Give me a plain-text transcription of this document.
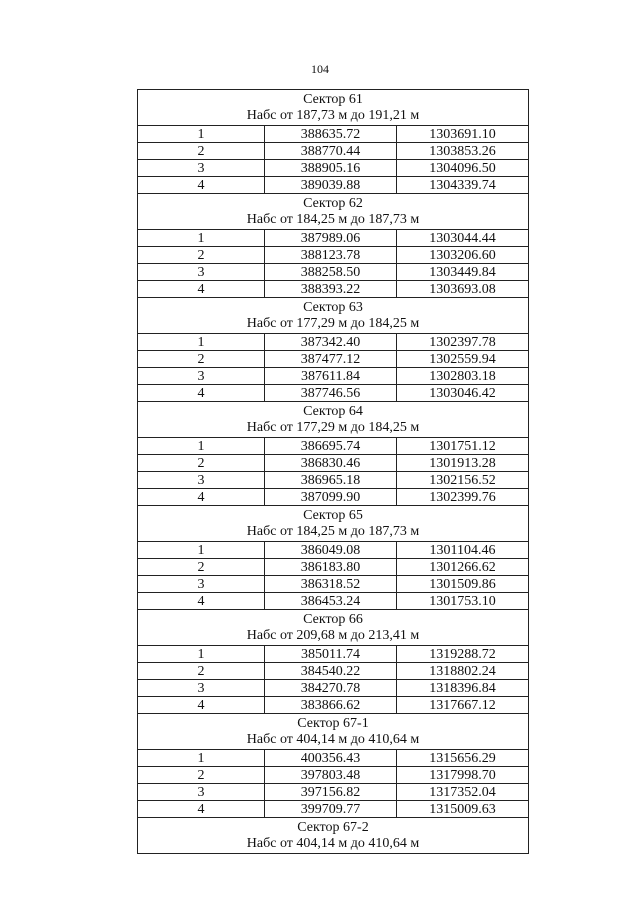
104
Сектор 61
Набс от 187,73 м до 191,21 м		

1	388635.72	1303691.10
2	388770.44	1303853.26
3	388905.16	1304096.50
4	389039.88	1304339.74

Сектор 62
Набс от 184,25 м до 187,73 м		

1	387989.06	1303044.44
2	388123.78	1303206.60
3	388258.50	1303449.84
4	388393.22	1303693.08

Сектор 63
Набс от 177,29 м до 184,25 м		

1	387342.40	1302397.78
2	387477.12	1302559.94
3	387611.84	1302803.18
4	387746.56	1303046.42

Сектор 64
Набс от 177,29 м до 184,25 м		

1	386695.74	1301751.12
2	386830.46	1301913.28
3	386965.18	1302156.52
4	387099.90	1302399.76

Сектор 65
Набс от 184,25 м до 187,73 м		

1	386049.08	1301104.46
2	386183.80	1301266.62
3	386318.52	1301509.86
4	386453.24	1301753.10

Сектор 66
Набс от 209,68 м до 213,41 м		

1	385011.74	1319288.72
2	384540.22	1318802.24
3	384270.78	1318396.84
4	383866.62	1317667.12

Сектор 67-1
Набс от 404,14 м до 410,64 м		

1	400356.43	1315656.29
2	397803.48	1317998.70
3	397156.82	1317352.04
4	399709.77	1315009.63

Сектор 67-2
Набс от 404,14 м до 410,64 м		
